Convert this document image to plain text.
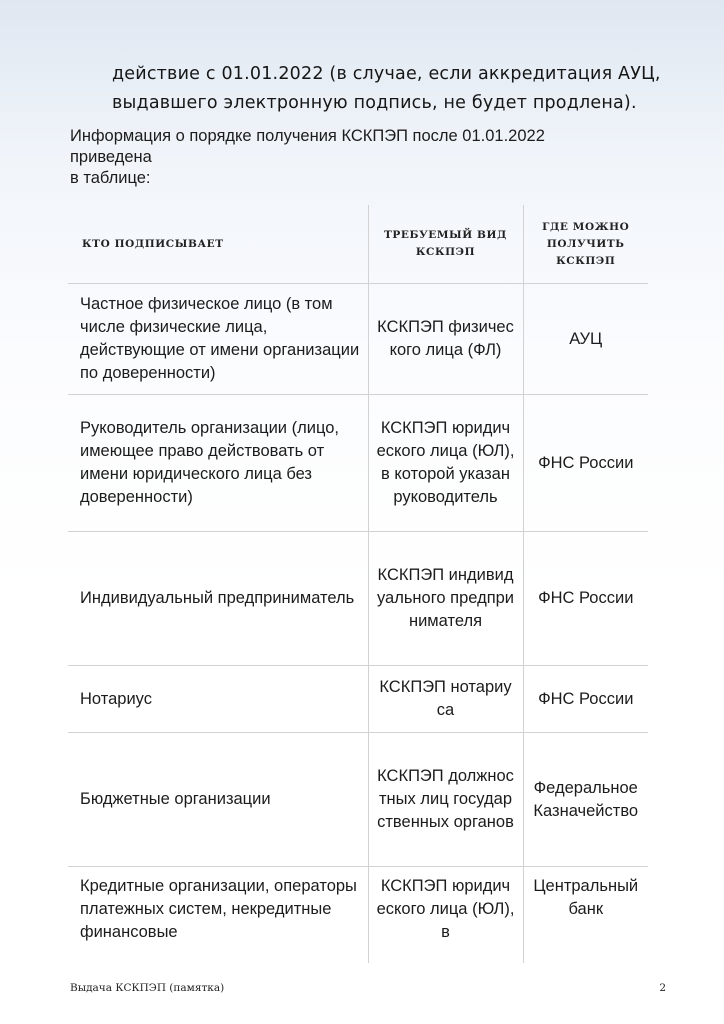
действие с 01.01.2022 (в случае, если аккредитация АУЦ,
выдавшего электронную подпись, не будет продлена).
Информация о порядке получения КСКПЭП после 01.01.2022
приведена
в таблице:
КТО ПОДПИСЫВАЕТ	ТРЕБУЕМЫЙ ВИД КСКПЭП	ГДЕ МОЖНО ПОЛУЧИТЬ КСКПЭП
Частное физическое лицо (в том числе физические лица, действующие от имени организации по доверенности)	КСКПЭП физического лица (ФЛ)	АУЦ
Руководитель организации (лицо, имеющее право действовать от имени юридического лица без доверенности)	КСКПЭП юридического лица (ЮЛ), в которой указан руководитель	ФНС России
Индивидуальный предприниматель	КСКПЭП индивидуального предпринимателя	ФНС России
Нотариус	КСКПЭП нотариуса	ФНС России
Бюджетные организации	КСКПЭП должностных лиц государственных органов	Федеральное Казначейство
Кредитные организации, операторы платежных систем, некредитные финансовые	КСКПЭП юридического лица (ЮЛ), в	Центральный банк
Выдача КСКПЭП (памятка)	2
